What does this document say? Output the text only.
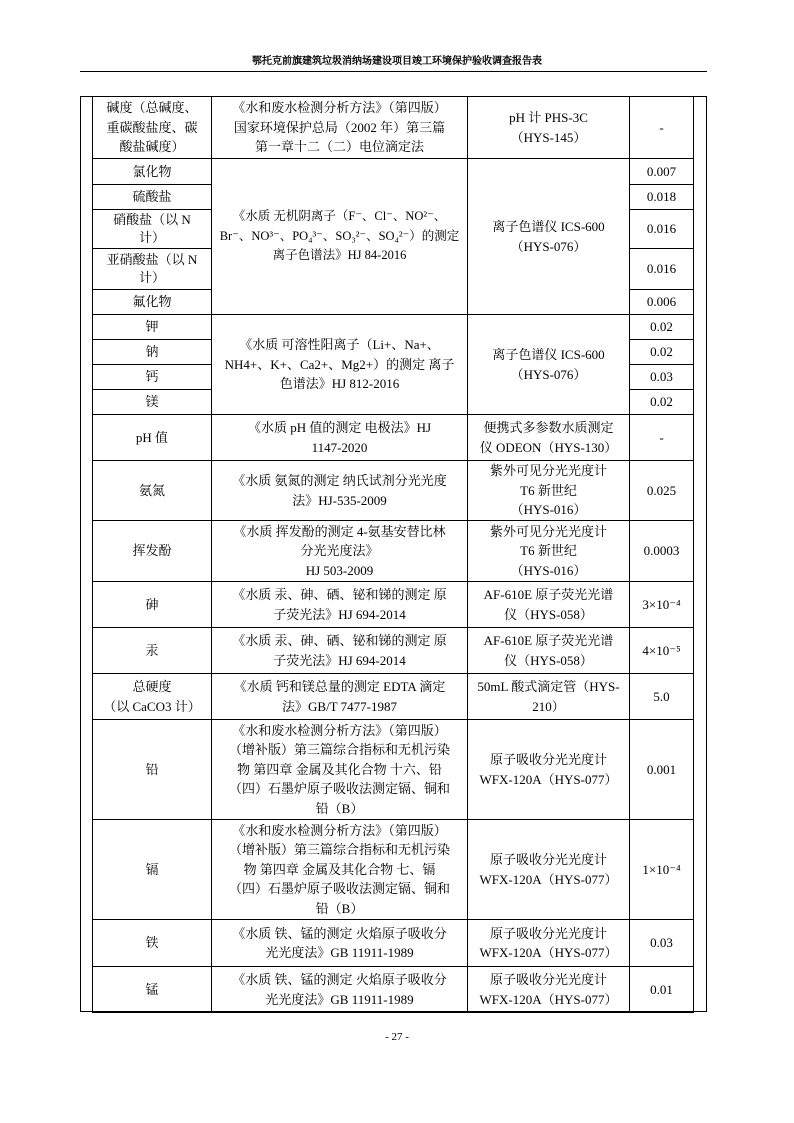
鄂托克前旗建筑垃圾消纳场建设项目竣工环境保护验收调查报告表
碱度（总碱度、
重碳酸盐度、碳
酸盐碱度）	《水和废水检测分析方法》（第四版）
国家环境保护总局（2002 年）第三篇
第一章十二（二）电位滴定法	pH 计 PHS-3C
（HYS-145）	-
氯化物	《水质 无机阴离子（F⁻、Cl⁻、NO²⁻、
Br⁻、NO³⁻、PO₄³⁻、SO₃²⁻、SO₄²⁻）的测定
离子色谱法》HJ 84-2016	离子色谱仪 ICS-600
（HYS-076）	0.007
硫酸盐			0.018
硝酸盐（以 N
计）			0.016
亚硝酸盐（以 N
计）			0.016
氟化物			0.006
钾	《水质 可溶性阳离子（Li+、Na+、
NH4+、K+、Ca2+、Mg2+）的测定 离子
色谱法》HJ 812-2016	离子色谱仪 ICS-600
（HYS-076）	0.02
钠			0.02
钙			0.03
镁			0.02
pH 值	《水质 pH 值的测定 电极法》HJ
1147-2020	便携式多参数水质测定
仪 ODEON（HYS-130）	-
氨氮	《水质 氨氮的测定 纳氏试剂分光光度
法》HJ-535-2009	紫外可见分光光度计
T6 新世纪
（HYS-016）	0.025
挥发酚	《水质 挥发酚的测定 4-氨基安替比林
分光光度法》
HJ 503-2009	紫外可见分光光度计
T6 新世纪
（HYS-016）	0.0003
砷	《水质 汞、砷、硒、铋和锑的测定 原
子荧光法》HJ 694-2014	AF-610E 原子荧光光谱
仪（HYS-058）	3×10⁻⁴
汞	《水质 汞、砷、硒、铋和锑的测定 原
子荧光法》HJ 694-2014	AF-610E 原子荧光光谱
仪（HYS-058）	4×10⁻⁵
总硬度
（以 CaCO3 计）	《水质 钙和镁总量的测定 EDTA 滴定
法》GB/T 7477-1987	50mL 酸式滴定管（HYS-
210）	5.0
铅	《水和废水检测分析方法》（第四版）
（增补版）第三篇综合指标和无机污染
物 第四章 金属及其化合物 十六、铅
（四）石墨炉原子吸收法测定镉、铜和
铅（B）	原子吸收分光光度计
WFX-120A（HYS-077）	0.001
镉	《水和废水检测分析方法》（第四版）
（增补版）第三篇综合指标和无机污染
物 第四章 金属及其化合物 七、镉
（四）石墨炉原子吸收法测定镉、铜和
铅（B）	原子吸收分光光度计
WFX-120A（HYS-077）	1×10⁻⁴
铁	《水质 铁、锰的测定 火焰原子吸收分
光光度法》GB 11911-1989	原子吸收分光光度计
WFX-120A（HYS-077）	0.03
锰	《水质 铁、锰的测定 火焰原子吸收分
光光度法》GB 11911-1989	原子吸收分光光度计
WFX-120A（HYS-077）	0.01
- 27 -
